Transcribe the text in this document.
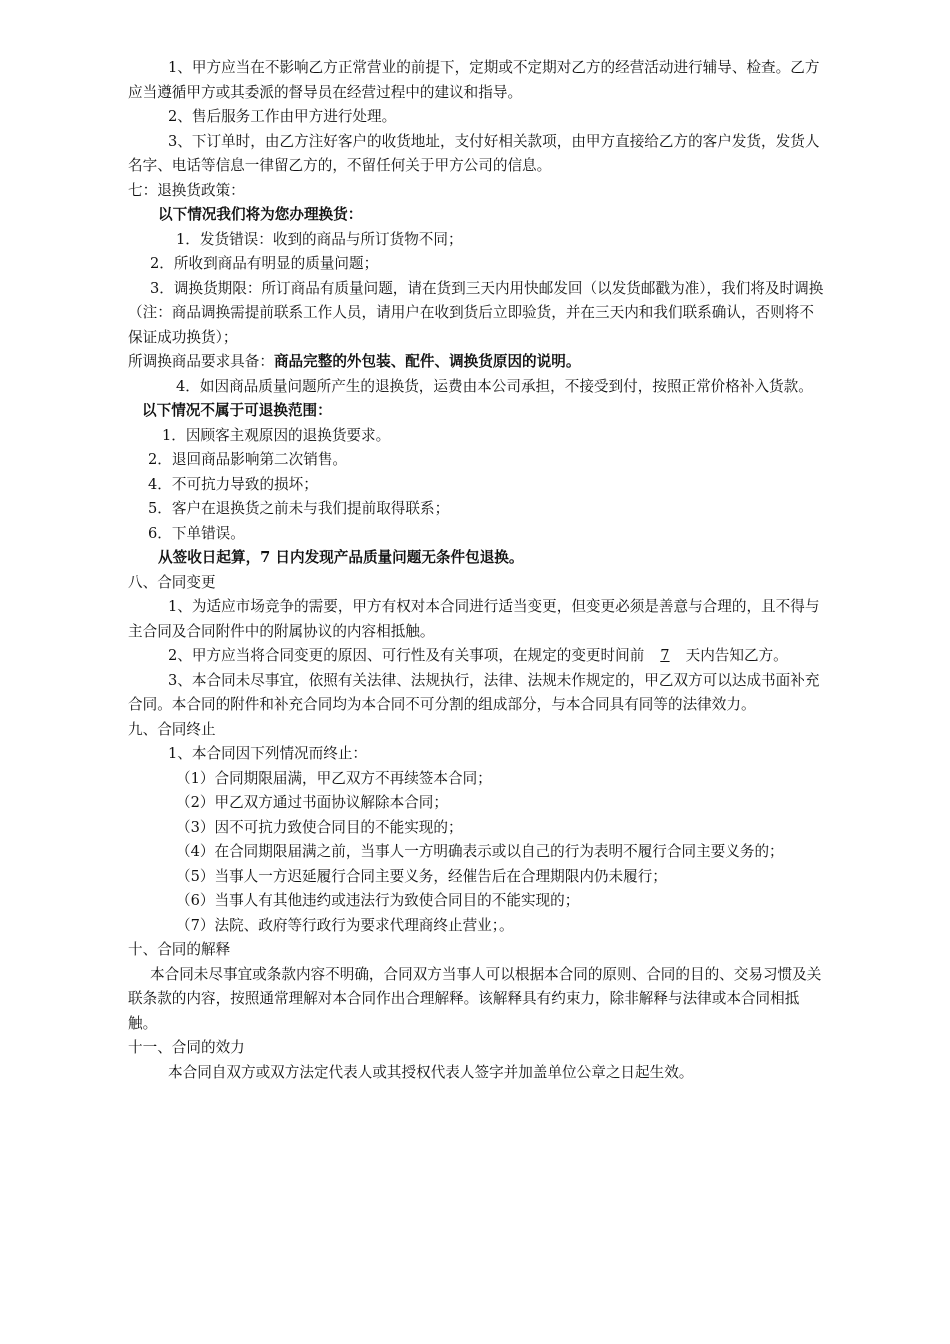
1、甲方应当在不影响乙方正常营业的前提下，定期或不定期对乙方的经营活动进行辅导、检查。乙方应当遵循甲方或其委派的督导员在经营过程中的建议和指导。

2、售后服务工作由甲方进行处理。

3、下订单时，由乙方注好客户的收货地址，支付好相关款项，由甲方直接给乙方的客户发货，发货人名字、电话等信息一律留乙方的，不留任何关于甲方公司的信息。

七：退换货政策：

以下情况我们将为您办理换货：

1．发货错误：收到的商品与所订货物不同；

2．所收到商品有明显的质量问题；

3．调换货期限：所订商品有质量问题，请在货到三天内用快邮发回（以发货邮戳为准），我们将及时调换

（注：商品调换需提前联系工作人员，请用户在收到货后立即验货，并在三天内和我们联系确认，否则将不保证成功换货）；

所调换商品要求具备：商品完整的外包装、配件、调换货原因的说明。

4．如因商品质量问题所产生的退换货，运费由本公司承担，不接受到付，按照正常价格补入货款。

以下情况不属于可退换范围：

1．因顾客主观原因的退换货要求。

2．退回商品影响第二次销售。

4．不可抗力导致的损坏；

5．客户在退换货之前未与我们提前取得联系；

6．下单错误。

从签收日起算，7 日内发现产品质量问题无条件包退换。

八、合同变更

1、为适应市场竞争的需要，甲方有权对本合同进行适当变更，但变更必须是善意与合理的，且不得与主合同及合同附件中的附属协议的内容相抵触。

2、甲方应当将合同变更的原因、可行性及有关事项，在规定的变更时间前 7 天内告知乙方。

3、本合同未尽事宜，依照有关法律、法规执行，法律、法规未作规定的，甲乙双方可以达成书面补充合同。本合同的附件和补充合同均为本合同不可分割的组成部分，与本合同具有同等的法律效力。

九、合同终止

1、本合同因下列情况而终止：

（1）合同期限届满，甲乙双方不再续签本合同；

（2）甲乙双方通过书面协议解除本合同；

（3）因不可抗力致使合同目的不能实现的；

（4）在合同期限届满之前，当事人一方明确表示或以自己的行为表明不履行合同主要义务的；

（5）当事人一方迟延履行合同主要义务，经催告后在合理期限内仍未履行；

（6）当事人有其他违约或违法行为致使合同目的不能实现的；

（7）法院、政府等行政行为要求代理商终止营业；。

十、合同的解释

本合同未尽事宜或条款内容不明确，合同双方当事人可以根据本合同的原则、合同的目的、交易习惯及关联条款的内容，按照通常理解对本合同作出合理解释。该解释具有约束力，除非解释与法律或本合同相抵触。

十一、合同的效力

本合同自双方或双方法定代表人或其授权代表人签字并加盖单位公章之日起生效。
